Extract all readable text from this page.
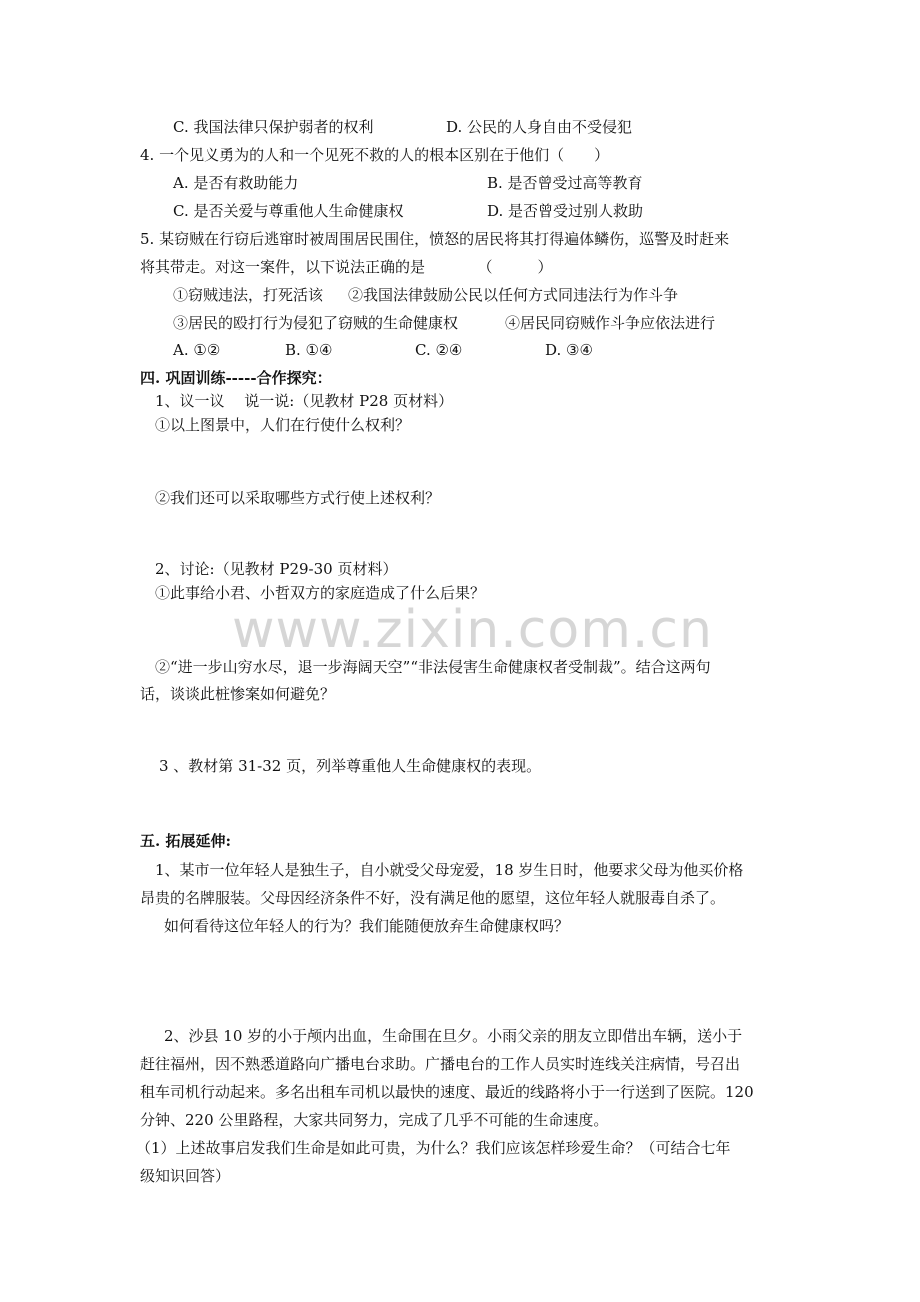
www.zixin.com.cn
C. 我国法律只保护弱者的权利	D. 公民的人身自由不受侵犯
4. 一个见义勇为的人和一个见死不救的人的根本区别在于他们（　　）
A. 是否有救助能力	B. 是否曾受过高等教育
C. 是否关爱与尊重他人生命健康权	D. 是否曾受过别人救助
5. 某窃贼在行窃后逃窜时被周围居民围住，愤怒的居民将其打得遍体鳞伤，巡警及时赶来
将其带走。对这一案件，以下说法正确的是　　　　（　　　）
①窃贼违法，打死活该 ②我国法律鼓励公民以任何方式同违法行为作斗争
③居民的殴打行为侵犯了窃贼的生命健康权	④居民同窃贼作斗争应依法进行
A. ①②	B. ①④	C. ②④	D. ③④
四. 巩固训练-----合作探究：
1、议一议　 说一说:（见教材 P28 页材料）
①以上图景中，人们在行使什么权利？
②我们还可以采取哪些方式行使上述权利？
2、讨论:（见教材 P29-30 页材料）
①此事给小君、小哲双方的家庭造成了什么后果？
②“进一步山穷水尽，退一步海阔天空”“非法侵害生命健康权者受制裁”。结合这两句
话，谈谈此桩惨案如何避免？
3 、教材第 31-32 页，列举尊重他人生命健康权的表现。
五. 拓展延伸:
1、某市一位年轻人是独生子，自小就受父母宠爱，18 岁生日时，他要求父母为他买价格
昂贵的名牌服装。父母因经济条件不好，没有满足他的愿望，这位年轻人就服毒自杀了。
如何看待这位年轻人的行为？我们能随便放弃生命健康权吗？
2、沙县 10 岁的小于颅内出血，生命围在旦夕。小雨父亲的朋友立即借出车辆，送小于
赶往福州，因不熟悉道路向广播电台求助。广播电台的工作人员实时连线关注病情，号召出
租车司机行动起来。多名出租车司机以最快的速度、最近的线路将小于一行送到了医院。120
分钟、220 公里路程，大家共同努力，完成了几乎不可能的生命速度。
（1）上述故事启发我们生命是如此可贵，为什么？我们应该怎样珍爱生命？（可结合七年
级知识回答）
